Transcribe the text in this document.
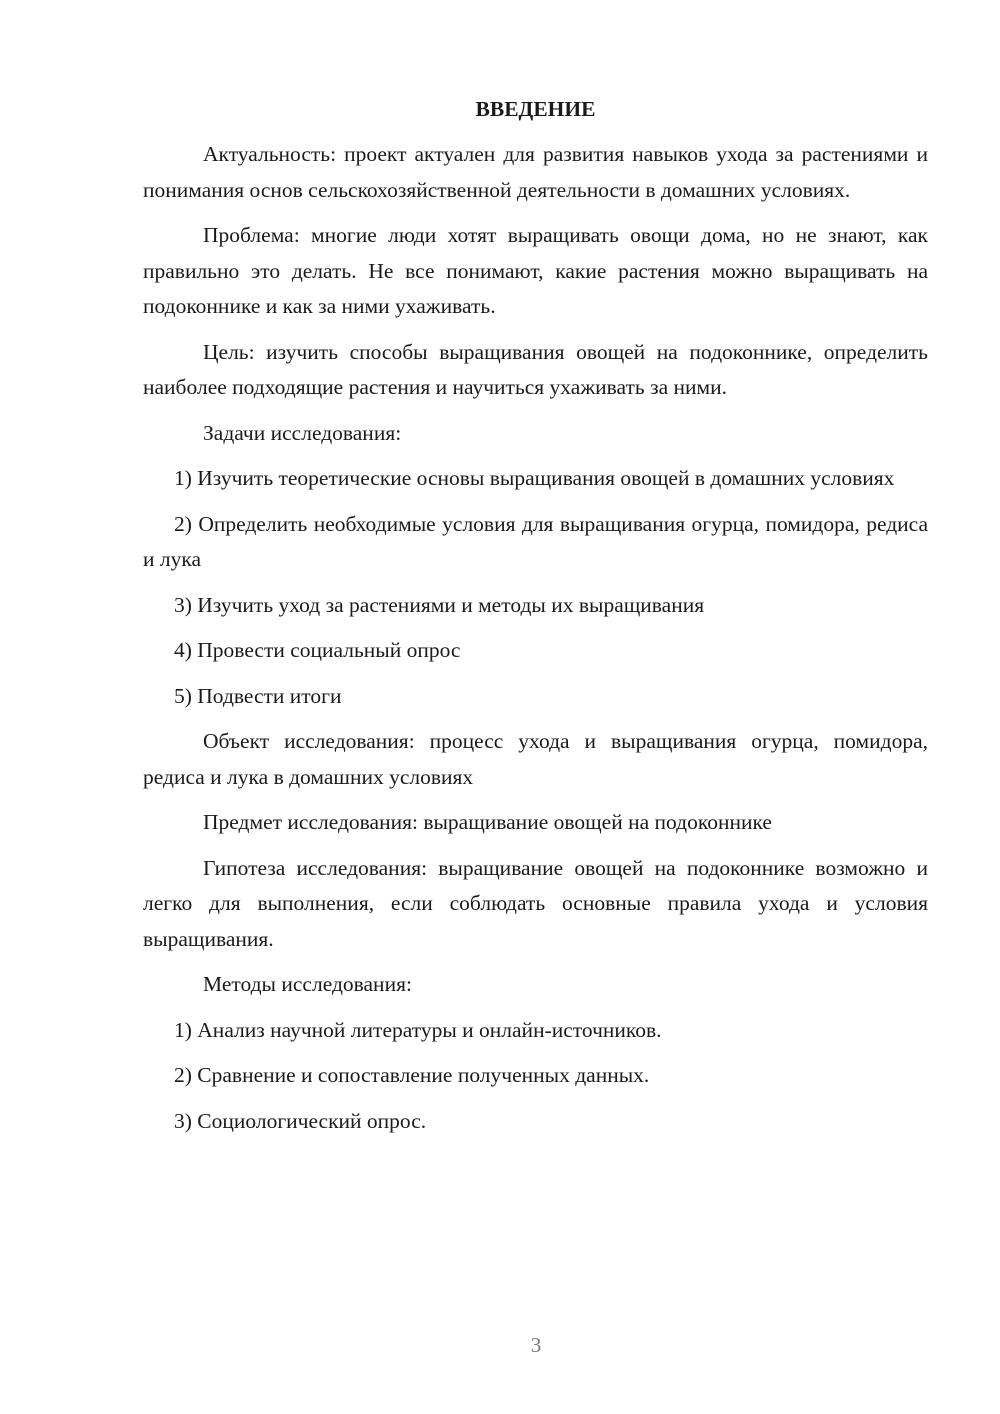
ВВЕДЕНИЕ

Актуальность: проект актуален для развития навыков ухода за растениями и понимания основ сельскохозяйственной деятельности в домашних условиях.

Проблема: многие люди хотят выращивать овощи дома, но не знают, как правильно это делать. Не все понимают, какие растения можно выращивать на подоконнике и как за ними ухаживать.

Цель: изучить способы выращивания овощей на подоконнике, определить наиболее подходящие растения и научиться ухаживать за ними.

Задачи исследования:

1) Изучить теоретические основы выращивания овощей в домашних условиях

2) Определить необходимые условия для выращивания огурца, помидора, редиса и лука

3) Изучить уход за растениями и методы их выращивания

4) Провести социальный опрос

5) Подвести итоги

Объект исследования: процесс ухода и выращивания огурца, помидора, редиса и лука в домашних условиях

Предмет исследования: выращивание овощей на подоконнике

Гипотеза исследования: выращивание овощей на подоконнике возможно и легко для выполнения, если соблюдать основные правила ухода и условия выращивания.

Методы исследования:

1) Анализ научной литературы и онлайн-источников.

2) Сравнение и сопоставление полученных данных.

3) Социологический опрос.

3
